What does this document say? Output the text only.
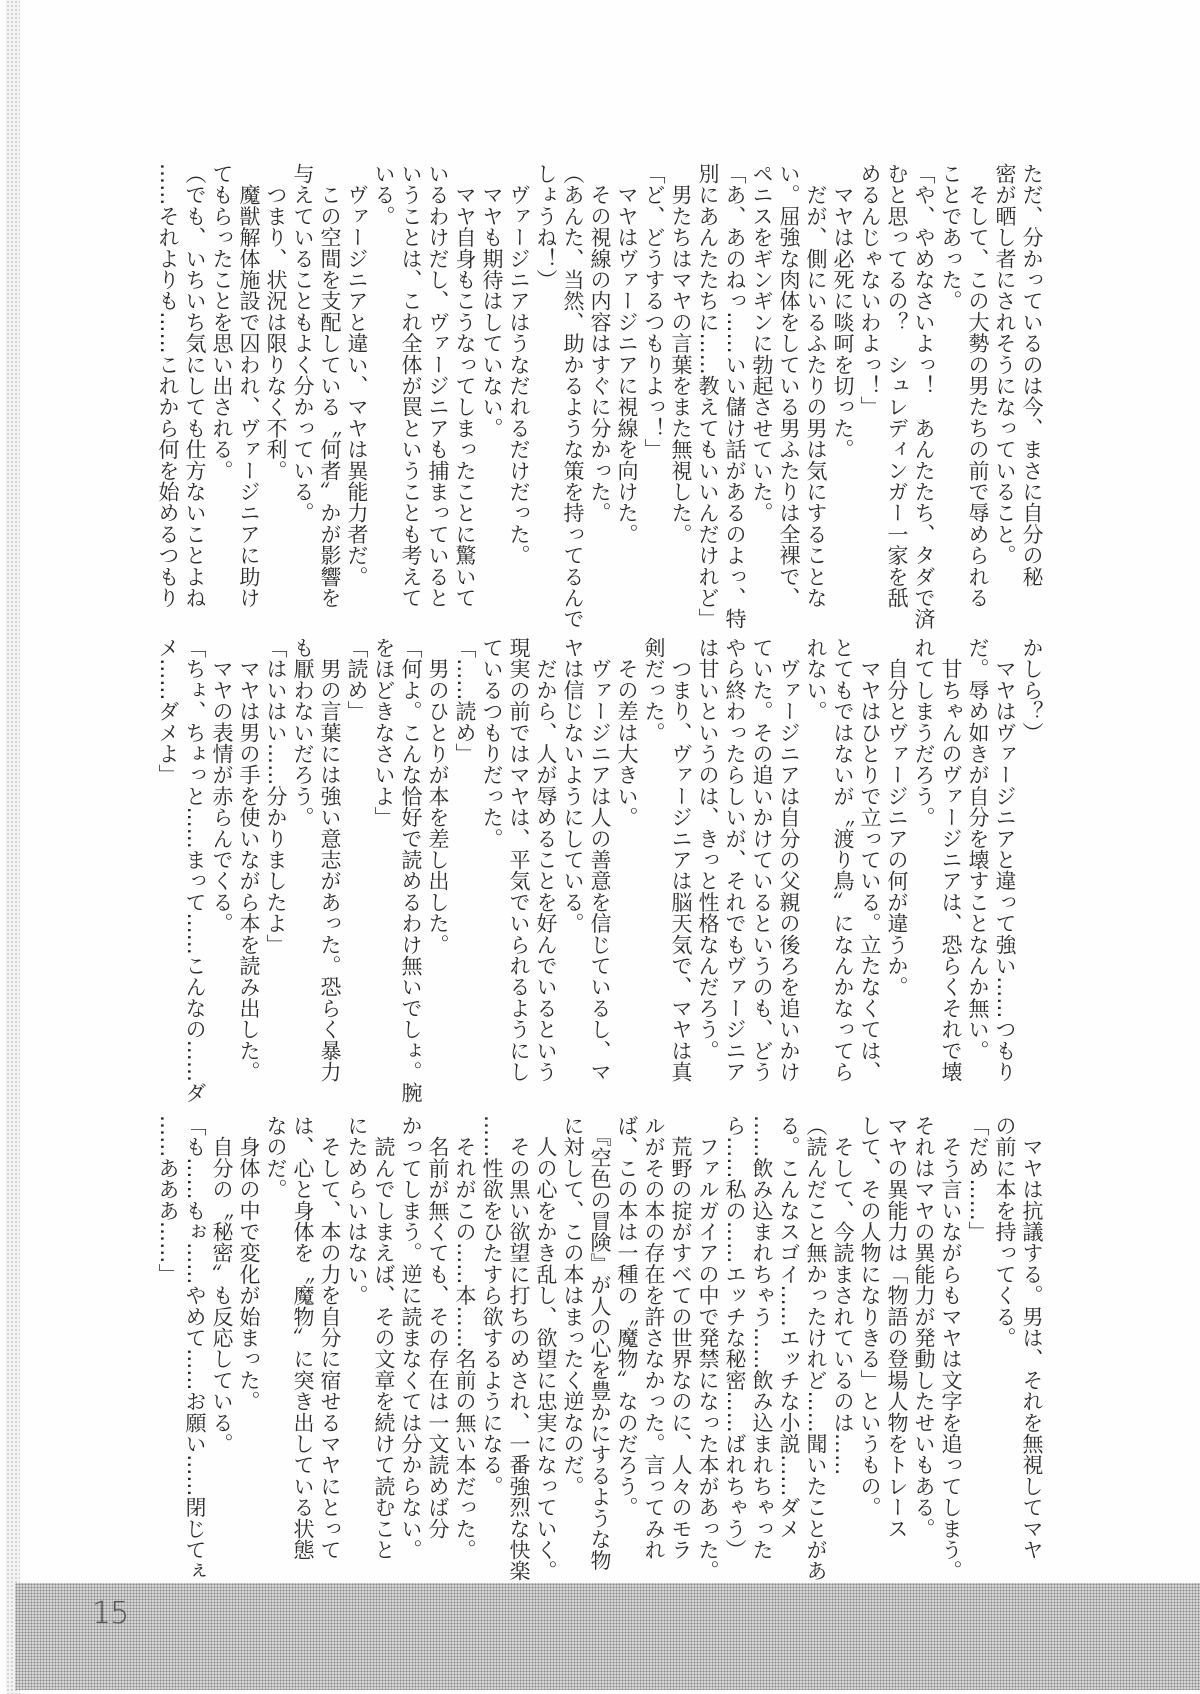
ただ、分かっているのは今、まさに自分の秘
密が晒し者にされそうになっていること。
　そして、この大勢の男たちの前で辱められる
ことであった。
「や、やめなさいよっ！　あんたたち、タダで済
むと思ってるの？　シュレディンガー一家を舐
めるんじゃないわよっ！」
　マヤは必死に啖呵を切った。
　だが、側にいるふたりの男は気にすることな
い。屈強な肉体をしている男ふたりは全裸で、
ペニスをギンギンに勃起させていた。
「あ、あのねっ……いい儲け話があるのよっ、特
別にあんたたちに……教えてもいいんだけれど」
　男たちはマヤの言葉をまた無視した。
「ど、どうするつもりよっ！」
　マヤはヴァージニアに視線を向けた。
　その視線の内容はすぐに分かった。
（あんた、当然、助かるような策を持ってるんで
しょうね！）
　ヴァージニアはうなだれるだけだった。
　マヤも期待はしていない。
　マヤ自身もこうなってしまったことに驚いて
いるわけだし、ヴァージニアも捕まっていると
いうことは、これ全体が罠ということも考えて
いる。
　ヴァージニアと違い、マヤは異能力者だ。
　この空間を支配している〝何者〟かが影響を
与えていることもよく分かっている。
　つまり、状況は限りなく不利。
　魔獣解体施設で囚われ、ヴァージニアに助け
てもらったことを思い出される。
（でも、いちいち気にしても仕方ないことよね
……それよりも……これから何を始めるつもり
かしら？）
　マヤはヴァージニアと違って強い……つもり
だ。辱め如きが自分を壊すことなんか無い。
　甘ちゃんのヴァージニアは、恐らくそれで壊
れてしまうだろう。
　自分とヴァージニアの何が違うか。
　マヤはひとりで立っている。立たなくては、
とてもではないが〝渡り鳥〟になんかなってら
れない。
　ヴァージニアは自分の父親の後ろを追いかけ
ていた。その追いかけているというのも、どう
やら終わったらしいが、それでもヴァージニア
は甘いというのは、きっと性格なんだろう。
　つまり、ヴァージニアは脳天気で、マヤは真
剣だった。
　その差は大きい。
　ヴァージニアは人の善意を信じているし、マ
ヤは信じないようにしている。
　だから、人が辱めることを好んでいるという
現実の前ではマヤは、平気でいられるようにし
ているつもりだった。
「……読め」
　男のひとりが本を差し出した。
「何よ。こんな恰好で読めるわけ無いでしょ。腕
をほどきなさいよ」
「読め」
　男の言葉には強い意志があった。恐らく暴力
も厭わないだろう。
「はいはい……分かりましたよ」
　マヤは男の手を使いながら本を読み出した。
　マヤの表情が赤らんでくる。
「ちょ、ちょっと……まって……こんなの……ダ
メ……ダメよ」
　マヤは抗議する。男は、それを無視してマヤ
の前に本を持ってくる。
「だめ……」
　そう言いながらもマヤは文字を追ってしまう。
それはマヤの異能力が発動したせいもある。
マヤの異能力は「物語の登場人物をトレース
して、その人物になりきる」というもの。
　そして、今読まされているのは……
（読んだこと無かったけれど……聞いたことがあ
る。こんなスゴイ……エッチな小説……ダメ
……飲み込まれちゃう……飲み込まれちゃった
ら……私の……エッチな秘密……ばれちゃう）
　ファルガイアの中で発禁になった本があった。
　荒野の掟がすべての世界なのに、人々のモラ
ルがその本の存在を許さなかった。言ってみれ
ば、この本は一種の〝魔物〟なのだろう。
　『空色の冒険』が人の心を豊かにするような物
に対して、この本はまったく逆なのだ。
　人の心をかき乱し、欲望に忠実になっていく。
　その黒い欲望に打ちのめされ、一番強烈な快楽
……性欲をひたすら欲するようになる。
　それがこの……本……名前の無い本だった。
　名前が無くても、その存在は一文読めば分
かってしまう。逆に読まなくては分からない。
　読んでしまえば、その文章を続けて読むこと
にためらいはない。
　そして、本の力を自分に宿せるマヤにとって
は、心と身体を〝魔物〟に突き出している状態
なのだ。
　身体の中で変化が始まった。
　自分の〝秘密〟も反応している。
「も……もぉ……やめて……お願い……閉じてぇ
……あああ……」
15
